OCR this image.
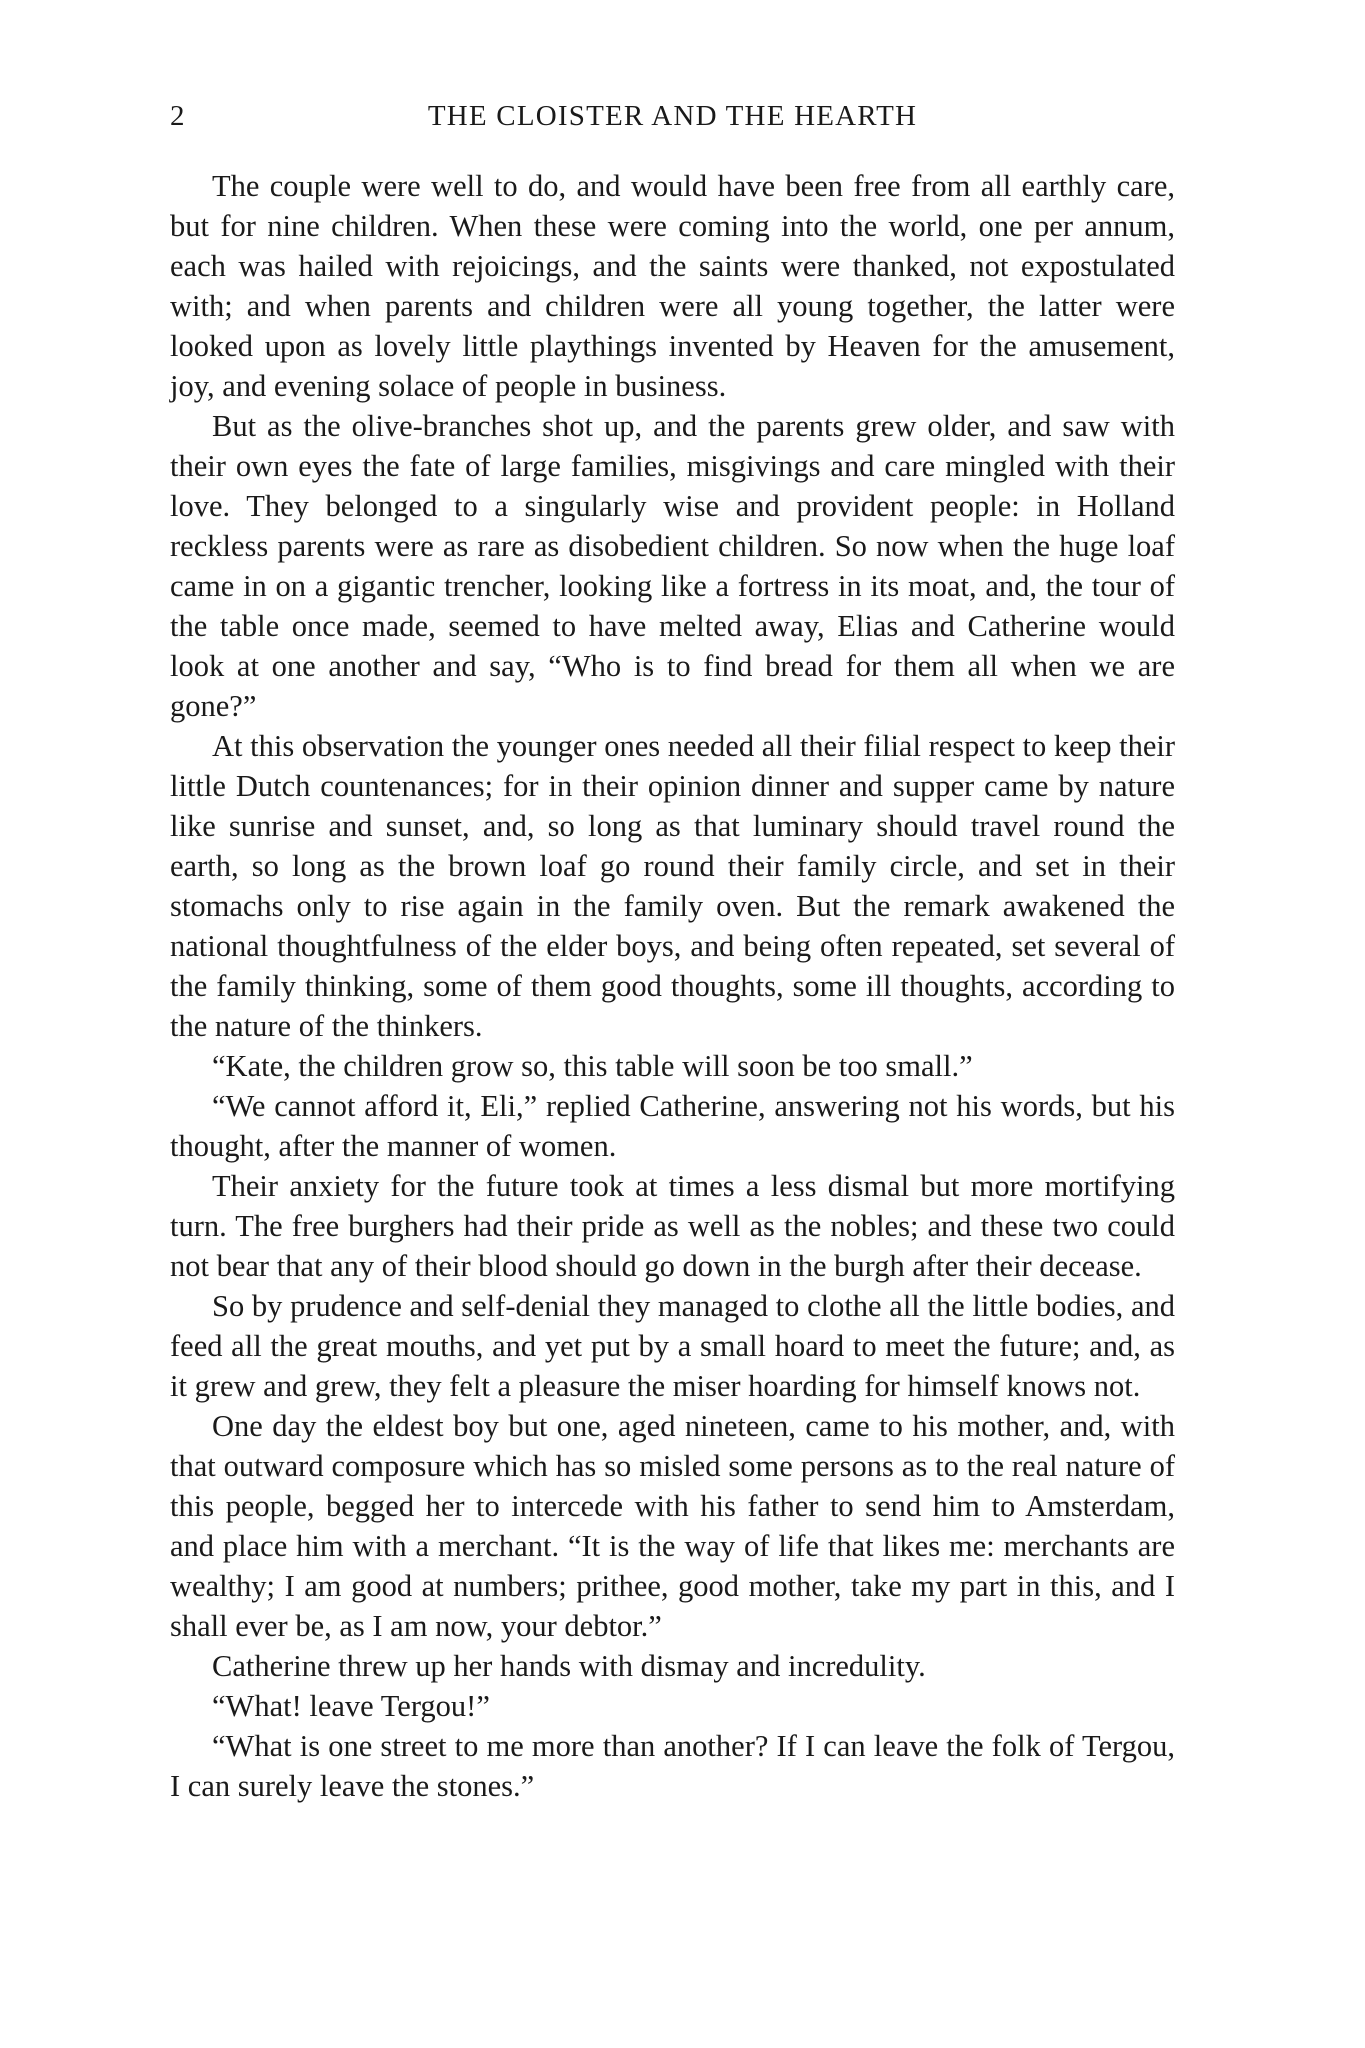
2	THE CLOISTER AND THE HEARTH

The couple were well to do, and would have been free from all earthly care, but for nine children. When these were coming into the world, one per annum, each was hailed with rejoicings, and the saints were thanked, not expostulated with; and when parents and children were all young together, the latter were looked upon as lovely little playthings invented by Heaven for the amusement, joy, and evening solace of people in business.

But as the olive-branches shot up, and the parents grew older, and saw with their own eyes the fate of large families, misgivings and care mingled with their love. They belonged to a singularly wise and provident people: in Holland reckless parents were as rare as disobedient children. So now when the huge loaf came in on a gigantic trencher, looking like a fortress in its moat, and, the tour of the table once made, seemed to have melted away, Elias and Catherine would look at one another and say, “Who is to find bread for them all when we are gone?”

At this observation the younger ones needed all their filial respect to keep their little Dutch countenances; for in their opinion dinner and supper came by nature like sunrise and sunset, and, so long as that luminary should travel round the earth, so long as the brown loaf go round their family circle, and set in their stomachs only to rise again in the family oven. But the remark awakened the national thoughtfulness of the elder boys, and being often repeated, set several of the family thinking, some of them good thoughts, some ill thoughts, according to the nature of the thinkers.

“Kate, the children grow so, this table will soon be too small.”

“We cannot afford it, Eli,” replied Catherine, answering not his words, but his thought, after the manner of women.

Their anxiety for the future took at times a less dismal but more mortifying turn. The free burghers had their pride as well as the nobles; and these two could not bear that any of their blood should go down in the burgh after their decease.

So by prudence and self-denial they managed to clothe all the little bodies, and feed all the great mouths, and yet put by a small hoard to meet the future; and, as it grew and grew, they felt a pleasure the miser hoarding for himself knows not.

One day the eldest boy but one, aged nineteen, came to his mother, and, with that outward composure which has so misled some persons as to the real nature of this people, begged her to intercede with his father to send him to Amsterdam, and place him with a merchant. “It is the way of life that likes me: merchants are wealthy; I am good at numbers; prithee, good mother, take my part in this, and I shall ever be, as I am now, your debtor.”

Catherine threw up her hands with dismay and incredulity.

“What! leave Tergou!”

“What is one street to me more than another? If I can leave the folk of Tergou, I can surely leave the stones.”
